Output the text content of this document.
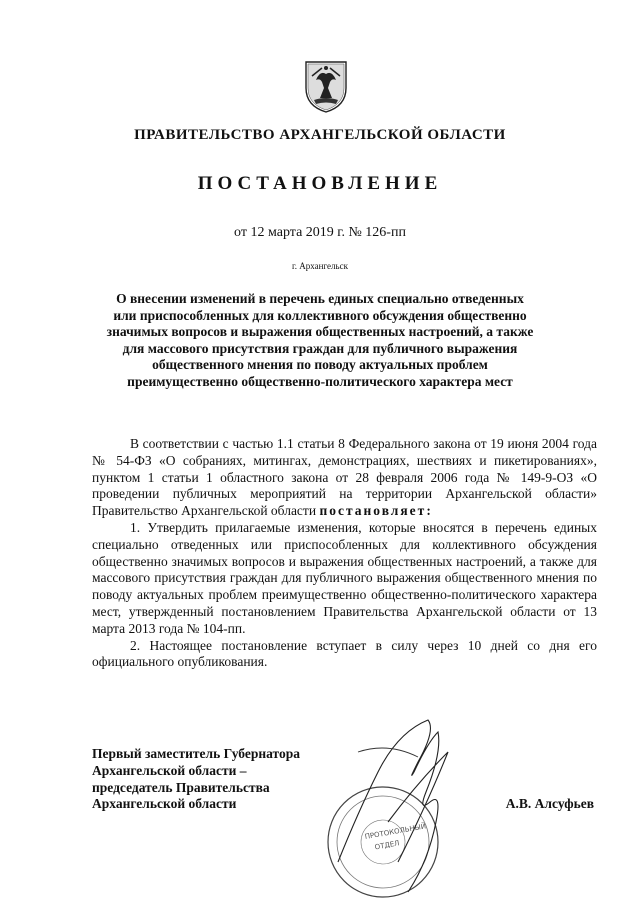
ПРАВИТЕЛЬСТВО АРХАНГЕЛЬСКОЙ ОБЛАСТИ
ПОСТАНОВЛЕНИЕ
от 12 марта 2019 г. № 126-пп
г. Архангельск
О внесении изменений в перечень единых специально отведенных или приспособленных для коллективного обсуждения общественно значимых вопросов и выражения общественных настроений, а также для массового присутствия граждан для публичного выражения общественного мнения по поводу актуальных проблем преимущественно общественно-политического характера мест

В соответствии с частью 1.1 статьи 8 Федерального закона от 19 июня 2004 года № 54-ФЗ «О собраниях, митингах, демонстрациях, шествиях и пикетированиях», пунктом 1 статьи 1 областного закона от 28 февраля 2006 года № 149-9-ОЗ «О проведении публичных мероприятий на территории Архангельской области» Правительство Архангельской области постановляет:

1. Утвердить прилагаемые изменения, которые вносятся в перечень единых специально отведенных или приспособленных для коллективного обсуждения общественно значимых вопросов и выражения общественных настроений, а также для массового присутствия граждан для публичного выражения общественного мнения по поводу актуальных проблем преимущественно общественно-политического характера мест, утвержденный постановлением Правительства Архангельской области от 13 марта 2013 года № 104-пп.

2. Настоящее постановление вступает в силу через 10 дней со дня его официального опубликования.

Первый заместитель Губернатора
Архангельской области –
председатель Правительства
Архангельской области
ПРОТОКОЛЬНЫЙ
ОТДЕЛ
А.В. Алсуфьев
